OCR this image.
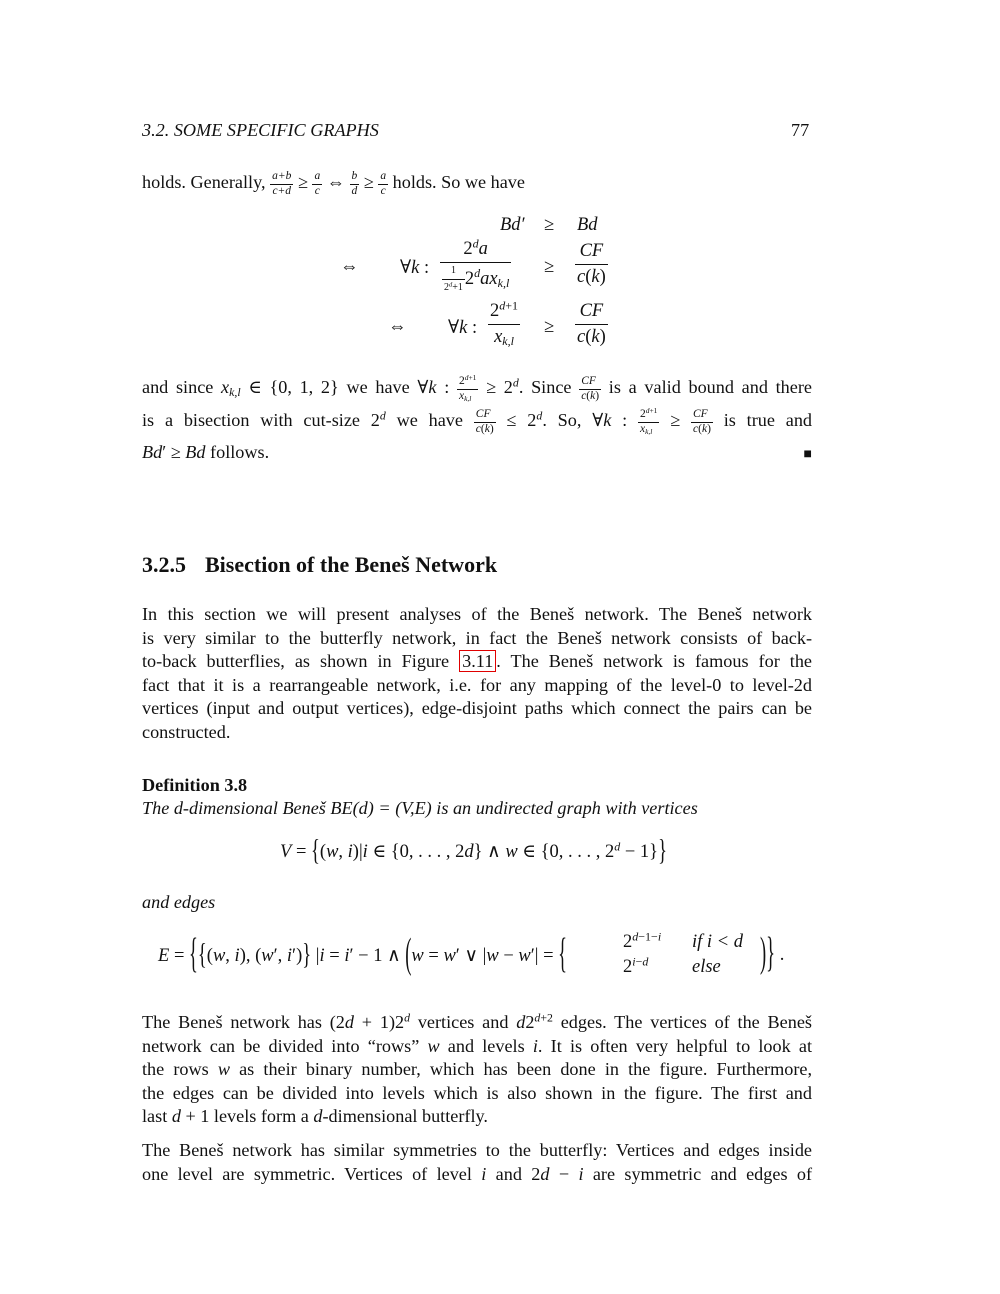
3.2. SOME SPECIFIC GRAPHS	77
holds. Generally, $\frac{a+b}{c+d} \ge \frac{a}{c}$ ⇔ $\frac{b}{d} \ge \frac{a}{c}$ holds. So we have
Bd′ ≥ Bd
⇔ ∀k : $\frac{2^da}{\frac{1}{2^d+1} 2^dax_{k,l}} \ge \frac{CF}{c(k)}$
⇔ ∀k : $\frac{2^{d+1}}{x_{k,l}} \ge \frac{CF}{c(k)}$
and since $x_{k,l}$ ∈ {0, 1, 2} we have ∀k : $\frac{2^{d+1}}{x_{k,l}} \ge 2^d$. Since $\frac{CF}{c(k)}$ is a valid bound and there
is a bisection with cut-size 2$^d$ we have $\frac{CF}{c(k)} \le 2^d$. So, ∀k : $\frac{2^{d+1}}{x_{k,l}} \ge \frac{CF}{c(k)}$ is true and
Bd′ ≥ Bd follows.	■
3.2.5 Bisection of the Beneš Network
In this section we will present analyses of the Beneš network. The Beneš network
is very similar to the butterfly network, in fact the Beneš network consists of back-
to-back butterflies, as shown in Figure 3.11 . The Beneš network is famous for the
fact that it is a rearrangeable network, i.e. for any mapping of the level-0 to level-2d
vertices (input and output vertices), edge-disjoint paths which connect the pairs can be
constructed.
Definition 3.8
The d-dimensional Beneš BE(d) = (V,E) is an undirected graph with vertices
V = {(w, i)|i ∈ {0, . . . , 2d} ∧ w ∈ {0, . . . , $2^d - 1$}}
and edges
E = {{(w, i), (w′, i′)} |i = i′ − 1 ∧ (w = w′ ∨ |w − w′| = {	$2^{d-1-i}$ if i < d
$2^{i-d}$ else )} .
The Beneš network has $(2d + 1)2^d$ vertices and $d2^{d+2}$ edges. The vertices of the Beneš
network can be divided into “rows” w and levels i. It is often very helpful to look at
the rows w as their binary number, which has been done in the figure. Furthermore,
the edges can be divided into levels which is also shown in the figure. The first and
last d + 1 levels form a d-dimensional butterfly.
The Beneš network has similar symmetries to the butterfly: Vertices and edges inside
one level are symmetric. Vertices of level i and 2d − i are symmetric and edges of
